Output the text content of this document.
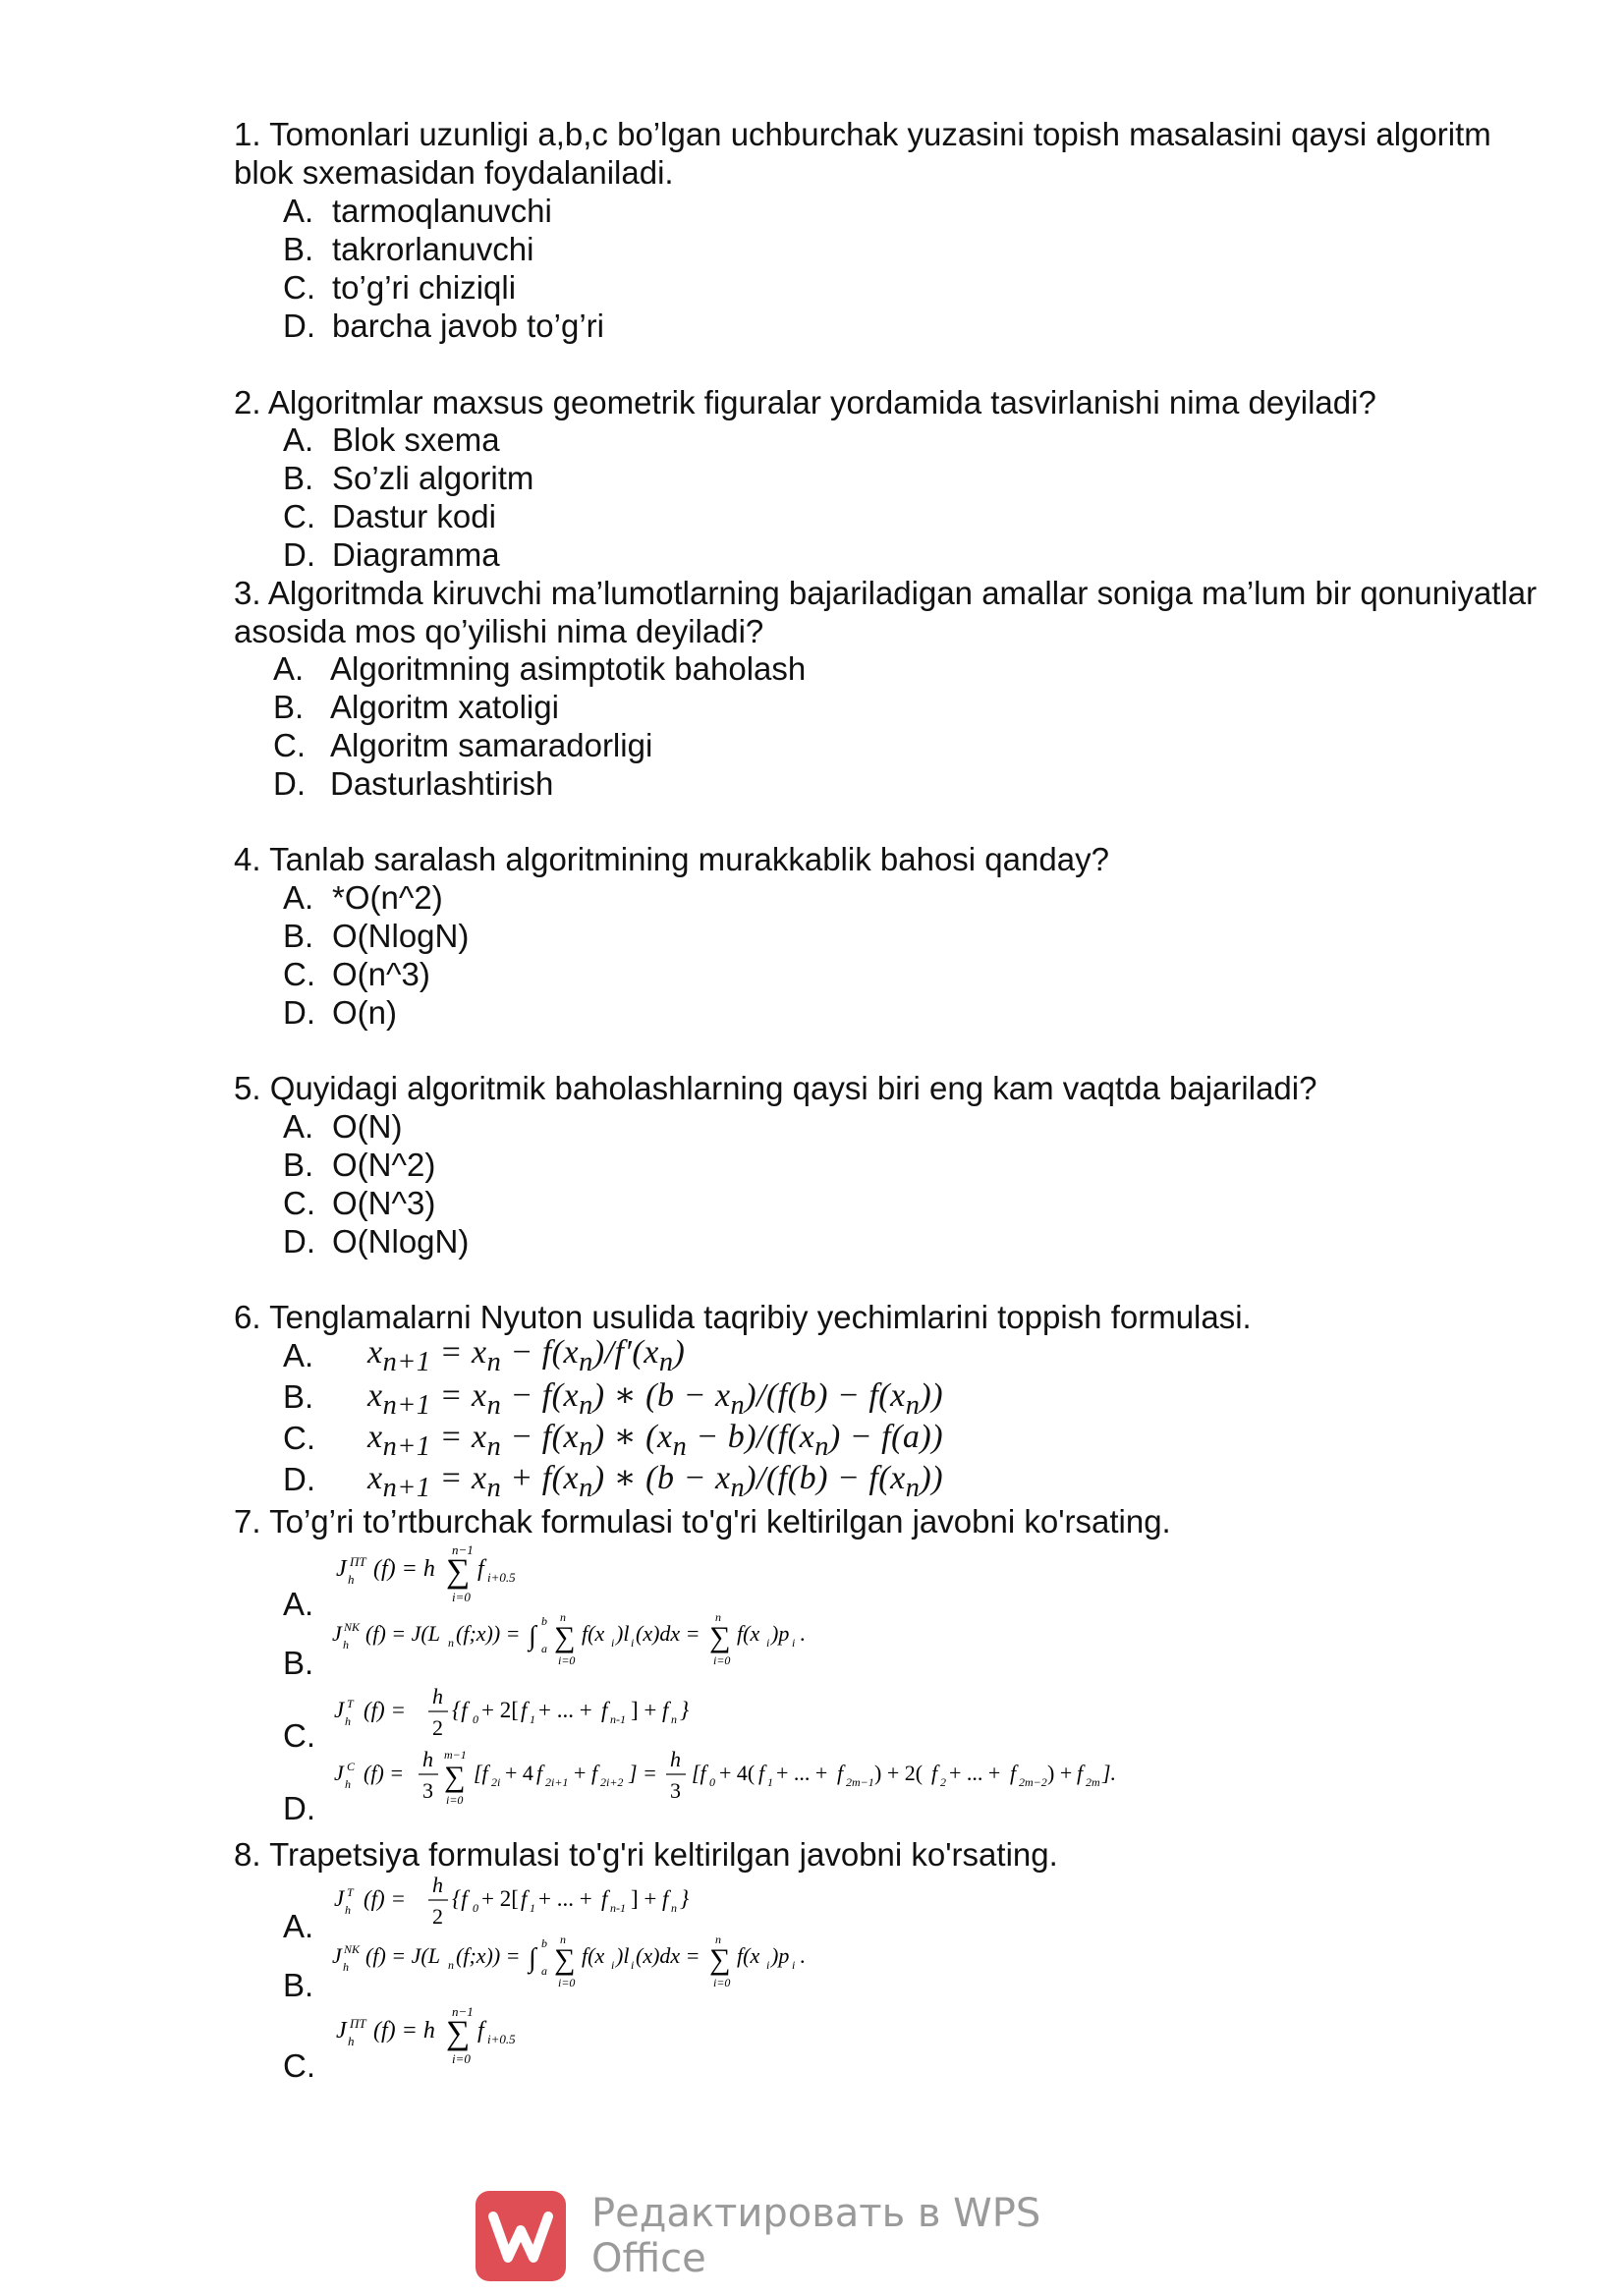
1. Tomonlari uzunligi a,b,c bo’lgan uchburchak yuzasini topish masalasini qaysi algoritm blok sxemasidan foydalaniladi.

A. tarmoqlanuvchi
B. takrorlanuvchi
C. to’g’ri chiziqli
D. barcha javob to’g’ri

2. Algoritmlar maxsus geometrik figuralar yordamida tasvirlanishi nima deyiladi?

A. Blok sxema
B. So’zli algoritm
C. Dastur kodi
D. Diagramma

3. Algoritmda kiruvchi ma’lumotlarning bajariladigan amallar soniga ma’lum bir qonuniyatlar asosida mos qo’yilishi nima deyiladi?

A. Algoritmning asimptotik baholash
B. Algoritm xatoligi
C. Algoritm samaradorligi
D. Dasturlashtirish

4. Tanlab saralash algoritmining murakkablik bahosi qanday?

A. *O(n^2)
B. O(NlogN)
C. O(n^3)
D. O(n)

5. Quyidagi algoritmik baholashlarning qaysi biri eng kam vaqtda bajariladi?

A. O(N)
B. O(N^2)
C. O(N^3)
D. O(NlogN)

6. Tenglamalarni Nyuton usulida taqribiy yechimlarini toppish formulasi.

A.	$x_{n+1} = x_n - f(x_n)/f'(x_n)$
B.	$x_{n+1} = x_n - f(x_n)$ ∗ $(b - x_n)/(f(b) - f(x_n))$
C.	$x_{n+1} = x_n - f(x_n)$ ∗ $(x_n - b)/(f(x_n) - f(a))$
D.	$x_{n+1} = x_n + f(x_n)$ ∗ $(b - x_n)/(f(b) - f(x_n))$

7. To’g’ri to’rtburchak formulasi to'g'ri keltirilgan javobni ko'rsating.

A.
J h
ПТ (f) = h
n−1
∑
i=0
f i+0.5
B.
J h
NK (f) = J(L n (f;x)) = ∫ b
a ∑
n
i=0
f(x i )l i (x)dx = ∑
n
i=0
f(x i )p i .
C.
J h
T (f) =
h
2
{f 0 + 2[ f 1 + ... + f n-1 ] + f n }
D.
J h
C (f) =
h
3 ∑
m−1
i=0
[f 2i + 4 f 2i+1 + f 2i+2 ] =
h
3
[f 0 + 4( f 1 + ... + f 2m−1 ) + 2( f 2 + ... + f 2m−2 ) + f 2m ].

8. Trapetsiya formulasi to'g'ri keltirilgan javobni ko'rsating.

A.
J h
T (f) =
h
2
{f 0 + 2[ f 1 + ... + f n-1 ] + f n }
B.
J h
NK (f) = J(L n (f;x)) = ∫ b
a ∑
n
i=0
f(x i )l i (x)dx = ∑
n
i=0
f(x i )p i .
C.
J h
ПТ (f) = h
n−1
∑
i=0
f i+0.5
Редактировать в WPS Office
